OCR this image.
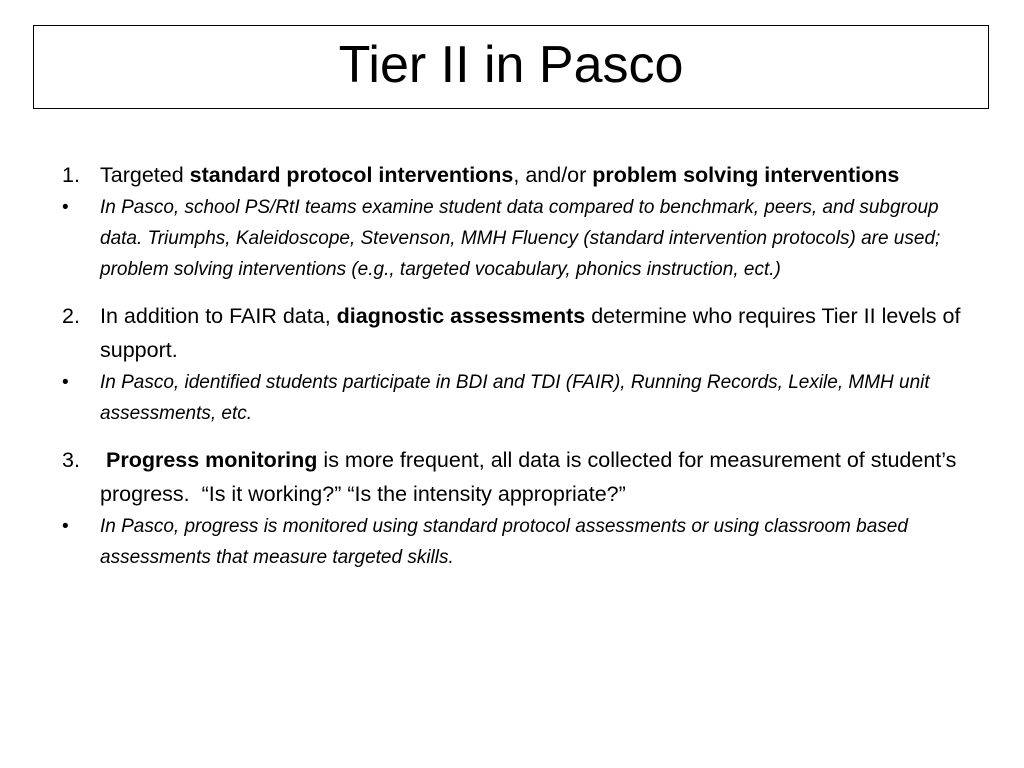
Tier II in Pasco
1. Targeted standard protocol interventions, and/or problem solving interventions
• In Pasco, school PS/RtI teams examine student data compared to benchmark, peers, and subgroup data. Triumphs, Kaleidoscope, Stevenson, MMH Fluency (standard intervention protocols) are used; problem solving interventions (e.g., targeted vocabulary, phonics instruction, ect.)
2. In addition to FAIR data, diagnostic assessments determine who requires Tier II levels of support.
• In Pasco, identified students participate in BDI and TDI (FAIR), Running Records, Lexile, MMH unit assessments, etc.
3. Progress monitoring is more frequent, all data is collected for measurement of student’s progress.  “Is it working?” “Is the intensity appropriate?”
• In Pasco, progress is monitored using standard protocol assessments or using classroom based assessments that measure targeted skills.
